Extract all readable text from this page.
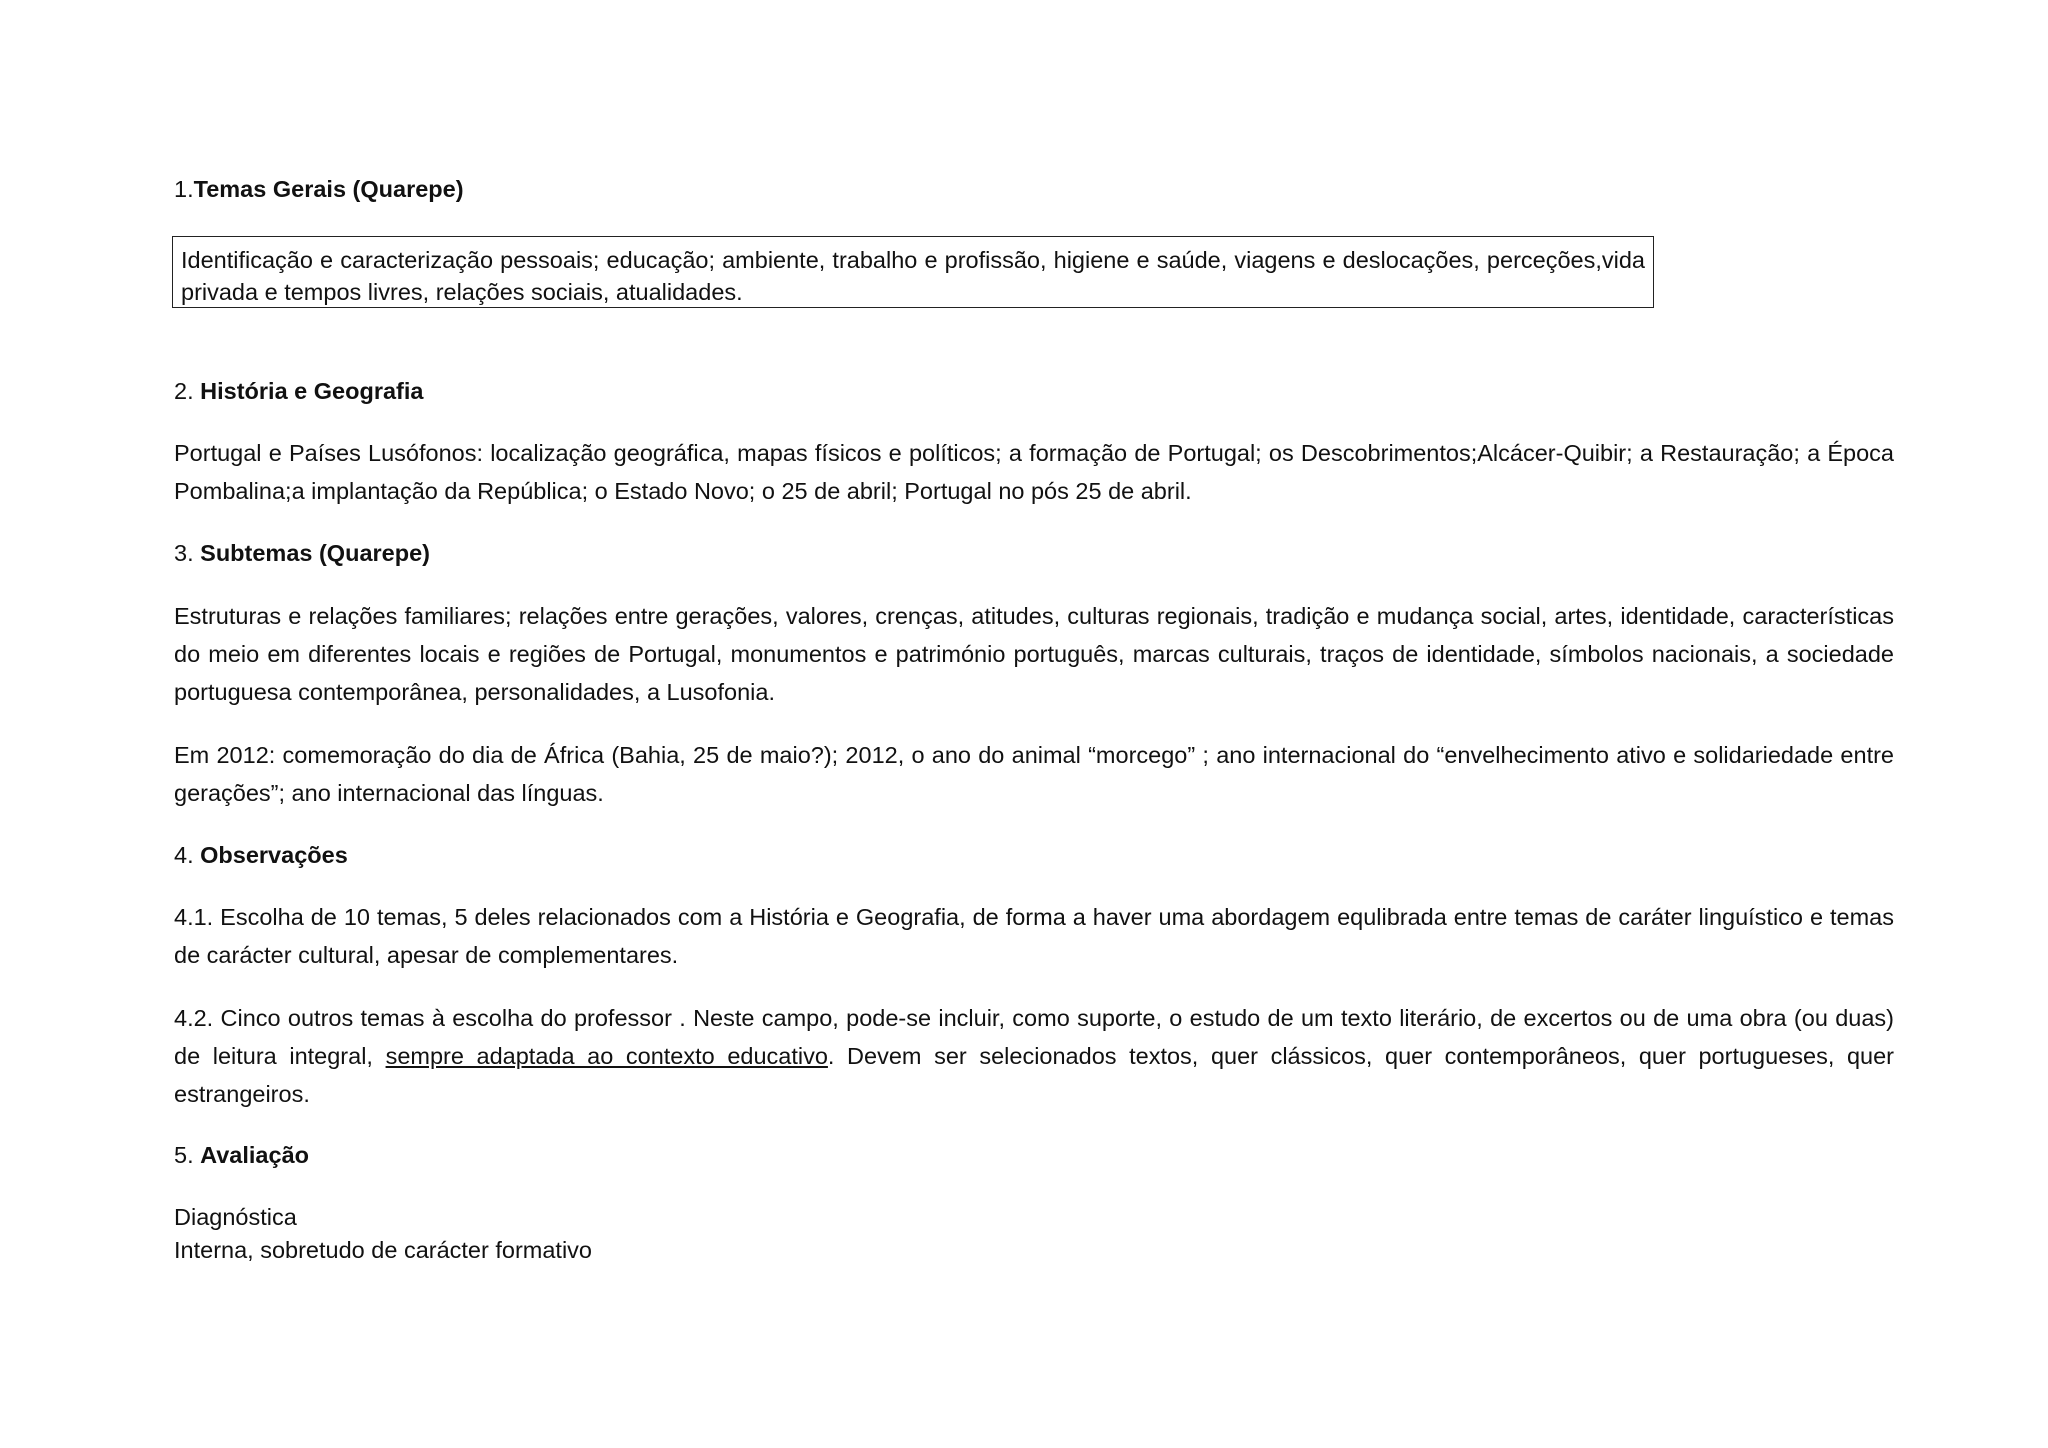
1.Temas Gerais (Quarepe)
Identificação e caracterização pessoais; educação; ambiente, trabalho e profissão, higiene e saúde, viagens e deslocações, perceções,vida privada e tempos livres, relações sociais, atualidades.
2. História e Geografia
Portugal e Países Lusófonos: localização geográfica, mapas físicos e políticos; a formação de Portugal; os Descobrimentos;Alcácer-Quibir; a Restauração; a Época Pombalina;a implantação da República; o Estado Novo; o 25 de abril; Portugal no pós 25 de abril.
3. Subtemas (Quarepe)
Estruturas e relações familiares; relações entre gerações, valores, crenças, atitudes, culturas regionais, tradição e mudança social, artes, identidade, características do meio em diferentes locais e regiões de Portugal, monumentos e património português, marcas culturais, traços de identidade, símbolos nacionais, a sociedade portuguesa contemporânea, personalidades, a Lusofonia.
Em 2012: comemoração do dia de África (Bahia, 25 de maio?); 2012, o ano do animal “morcego” ; ano internacional do “envelhecimento ativo e solidariedade entre gerações”; ano internacional das línguas.
4. Observações
4.1. Escolha de 10 temas, 5 deles relacionados com a História e Geografia, de forma a haver uma abordagem equlibrada entre temas de caráter linguístico e temas de carácter cultural, apesar de complementares.
4.2. Cinco outros temas à escolha do professor . Neste campo, pode-se incluir, como suporte, o estudo de um texto literário, de excertos ou de uma obra (ou duas) de leitura integral, sempre adaptada ao contexto educativo. Devem ser selecionados textos, quer clássicos, quer contemporâneos, quer portugueses, quer estrangeiros.
5. Avaliação
Diagnóstica
Interna, sobretudo de carácter formativo
